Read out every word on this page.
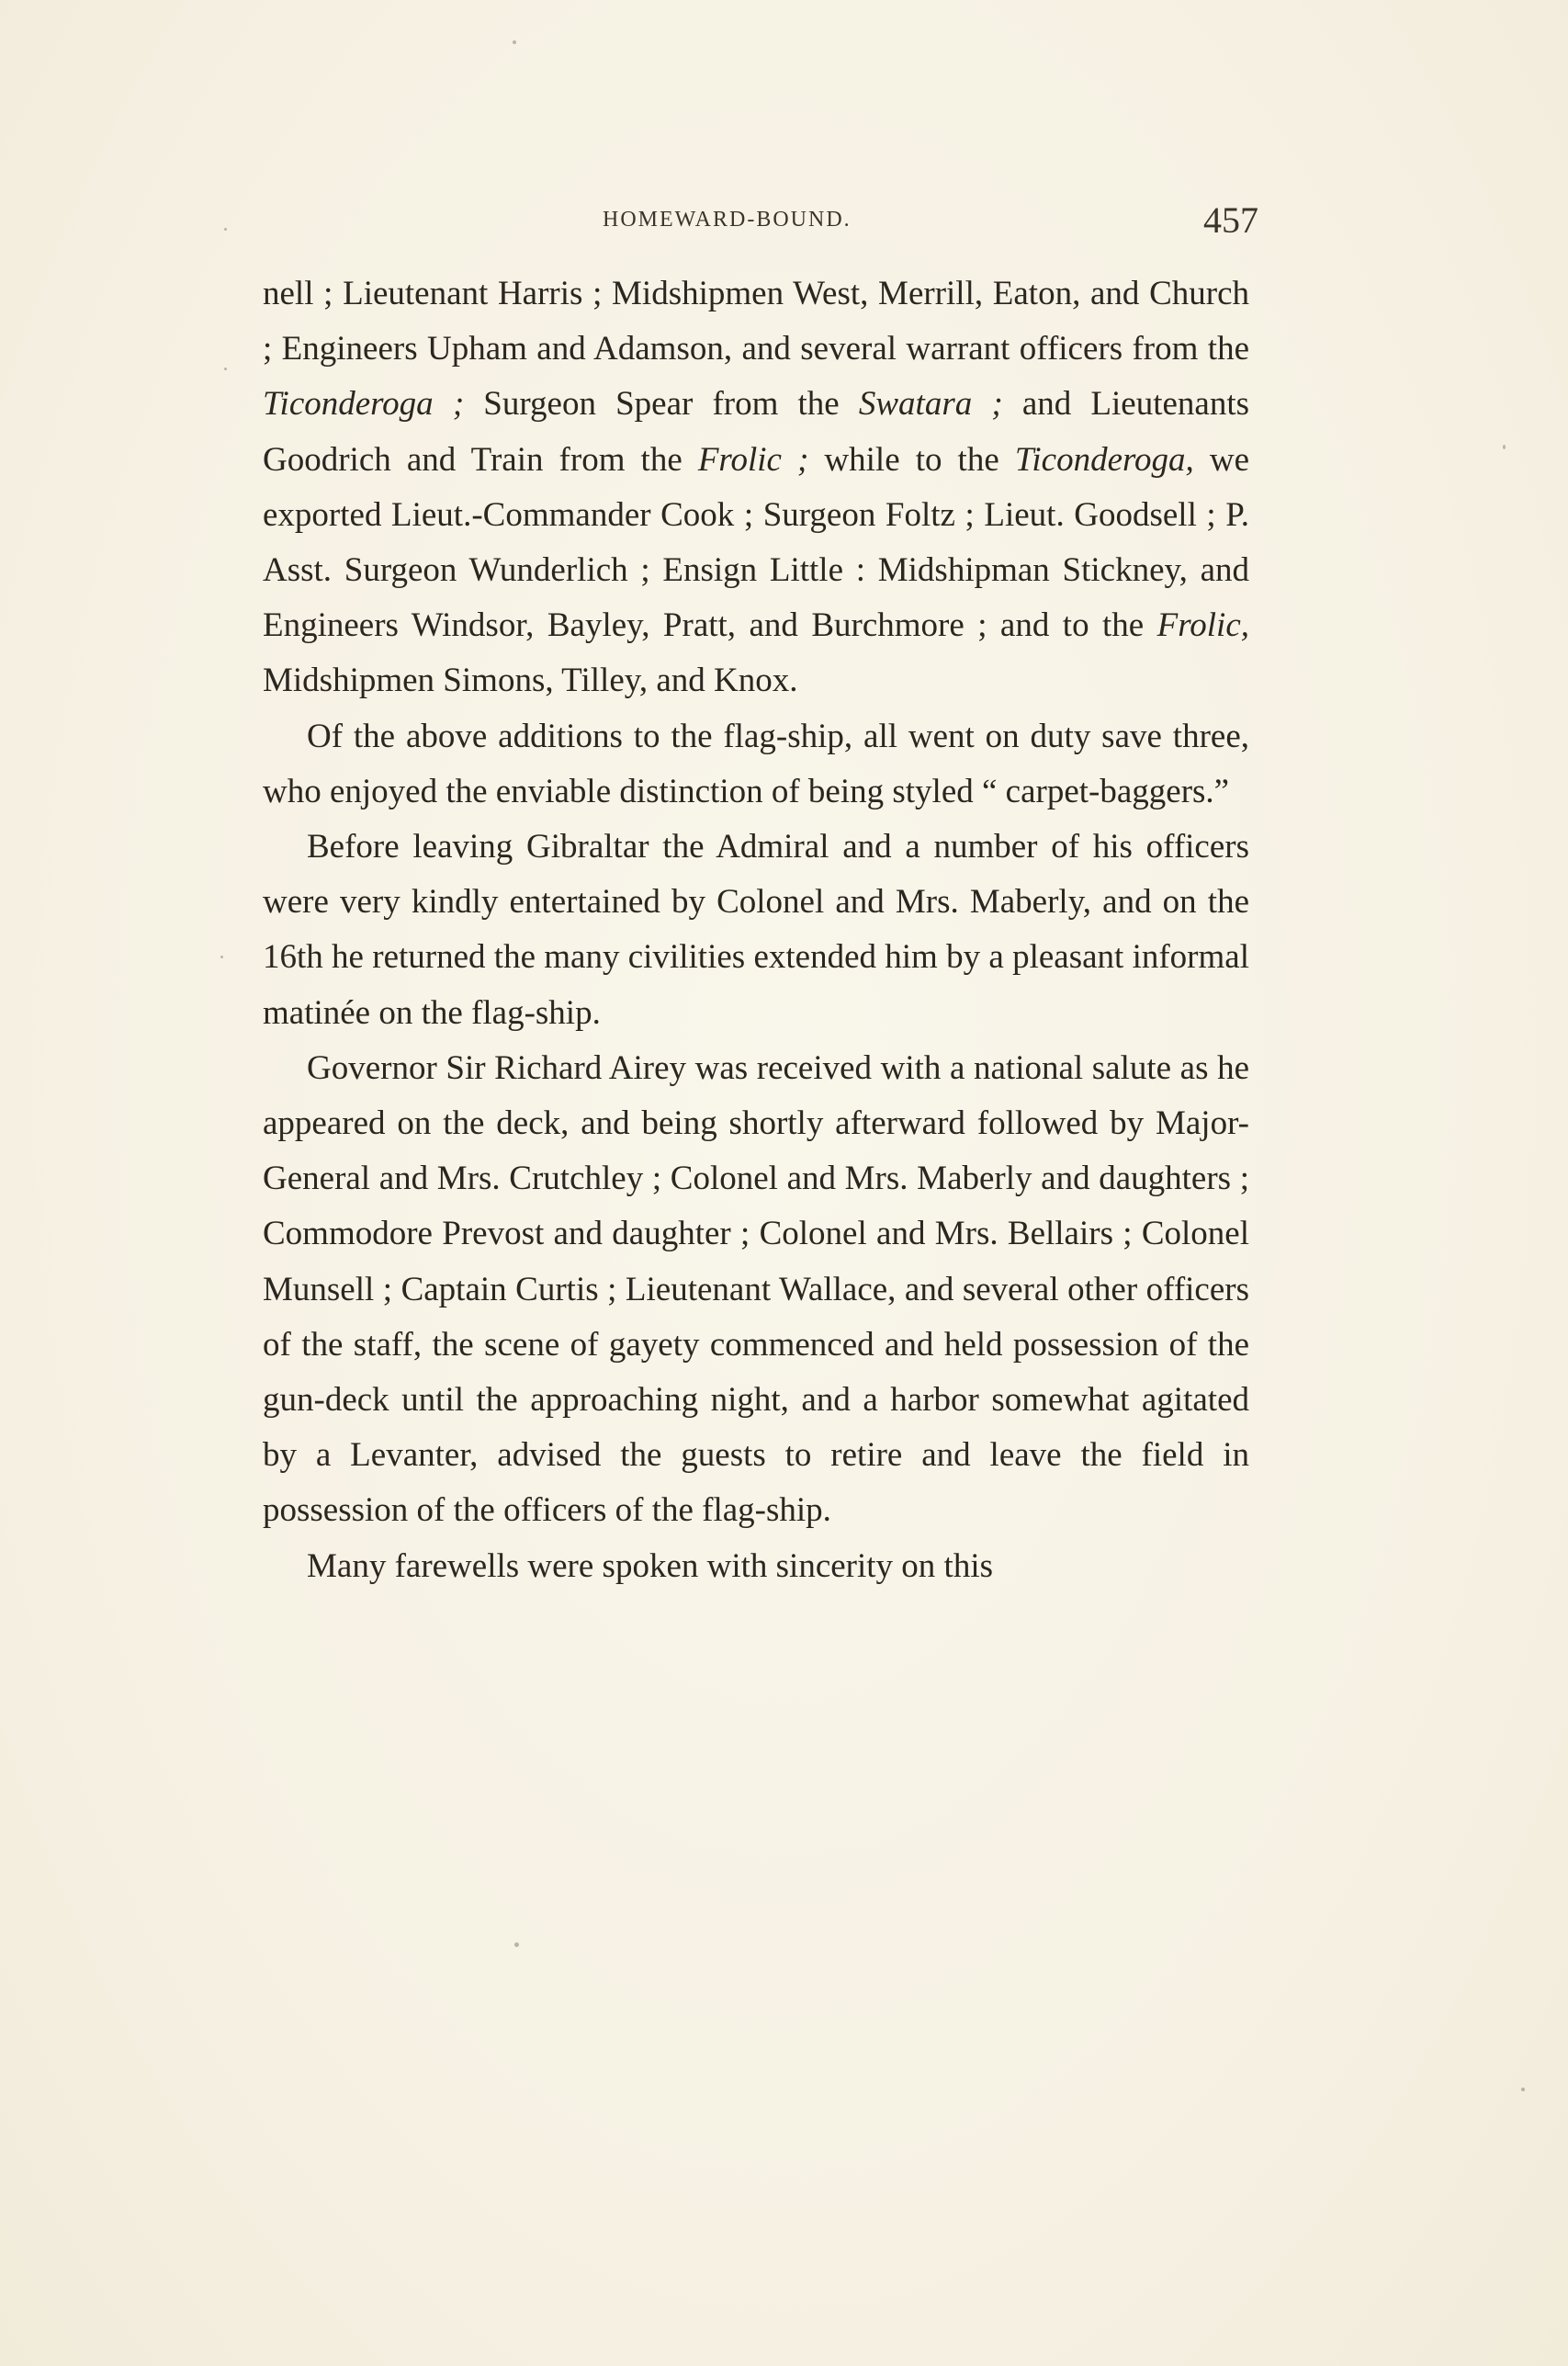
HOMEWARD-BOUND.	457

nell ; Lieutenant Harris ; Midshipmen West, Merrill, Eaton, and Church ; Engineers Upham and Adamson, and several warrant officers from the Ticonderoga ; Surgeon Spear from the Swatara ; and Lieutenants Goodrich and Train from the Frolic ; while to the Ticonderoga, we exported Lieut.-Commander Cook ; Surgeon Foltz ; Lieut. Goodsell ; P. Asst. Surgeon Wunderlich ; Ensign Little : Midshipman Stickney, and Engineers Windsor, Bayley, Pratt, and Burchmore ; and to the Frolic, Midshipmen Simons, Tilley, and Knox.

Of the above additions to the flag-ship, all went on duty save three, who enjoyed the enviable distinction of being styled “ carpet-baggers.”

Before leaving Gibraltar the Admiral and a number of his officers were very kindly entertained by Colonel and Mrs. Maberly, and on the 16th he returned the many civilities extended him by a pleasant informal matinée on the flag-ship.

Governor Sir Richard Airey was received with a national salute as he appeared on the deck, and being shortly afterward followed by Major-General and Mrs. Crutchley ; Colonel and Mrs. Maberly and daughters ; Commodore Prevost and daughter ; Colonel and Mrs. Bellairs ; Colonel Munsell ; Captain Curtis ; Lieutenant Wallace, and several other officers of the staff, the scene of gayety commenced and held possession of the gun-deck until the approaching night, and a harbor somewhat agitated by a Levanter, advised the guests to retire and leave the field in possession of the officers of the flag-ship.

Many farewells were spoken with sincerity on this
